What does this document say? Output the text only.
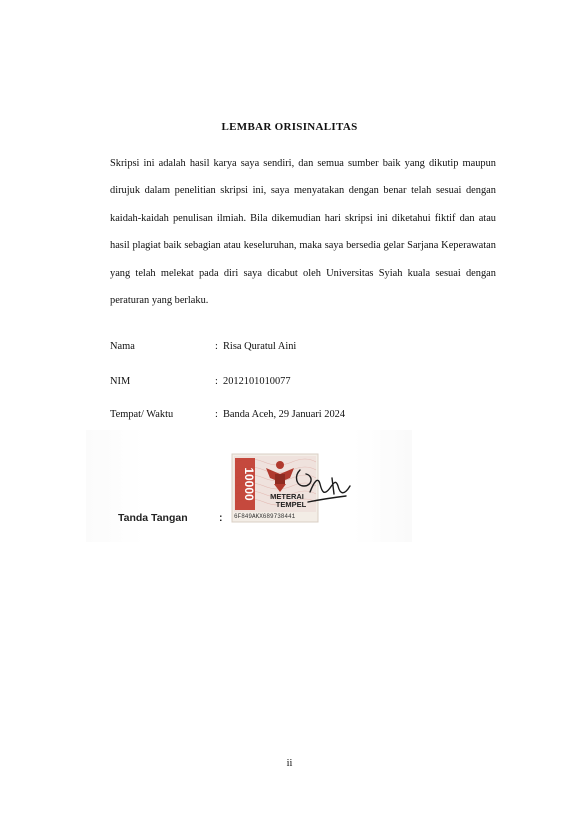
LEMBAR ORISINALITAS

Skripsi ini adalah hasil karya saya sendiri, dan semua sumber baik yang dikutip maupun dirujuk dalam penelitian skripsi ini, saya menyatakan dengan benar telah sesuai dengan kaidah-kaidah penulisan ilmiah. Bila dikemudian hari skripsi ini diketahui fiktif dan atau hasil plagiat baik sebagian atau keseluruhan, maka saya bersedia gelar Sarjana Keperawatan yang telah melekat pada diri saya dicabut oleh Universitas Syiah kuala sesuai dengan peraturan yang berlaku.

Nama	: Risa Quratul Aini
NIM	: 2012101010077
Tempat/ Waktu	: Banda Aceh, 29 Januari 2024
Tanda Tangan	:
10000 METERAI
TEMPEL
6F849AKX689738441
ii
